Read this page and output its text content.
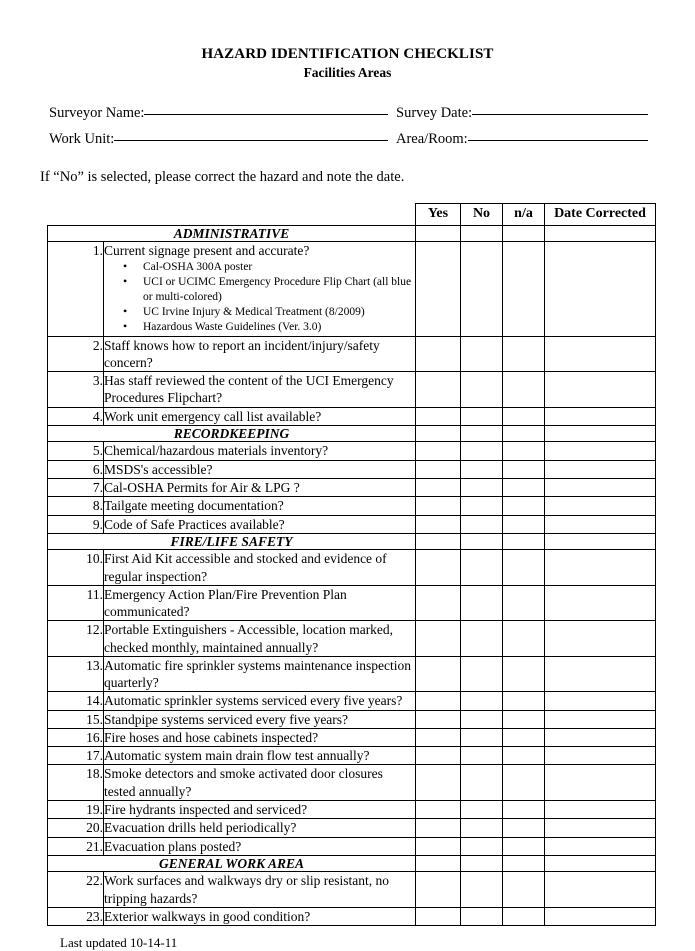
HAZARD IDENTIFICATION CHECKLIST
Facilities Areas
Surveyor Name:	Survey Date:
Work Unit:	Area/Room:
If “No” is selected, please correct the hazard and note the date.
		Yes	No	n/a	Date Corrected
ADMINISTRATIVE					
1.	Current signage present and accurate?
• Cal-OSHA 300A poster
• UCI or UCIMC Emergency Procedure Flip Chart (all blue or multi-colored)
• UC Irvine Injury & Medical Treatment (8/2009)
• Hazardous Waste Guidelines (Ver. 3.0)

2.	Staff knows how to report an incident/injury/safety concern?				

3.	Has staff reviewed the content of the UCI Emergency Procedures Flipchart?				

4.	Work unit emergency call list available?				

RECORDKEEPING					
5.	Chemical/hazardous materials inventory?				

6.	MSDS's accessible?				

7.	Cal-OSHA Permits for Air & LPG ?				

8.	Tailgate meeting documentation?				

9.	Code of Safe Practices available?				

FIRE/LIFE SAFETY					
10.	First Aid Kit accessible and stocked and evidence of regular inspection?				

11.	Emergency Action Plan/Fire Prevention Plan communicated?				

12.	Portable Extinguishers - Accessible, location marked, checked monthly, maintained annually?				

13.	Automatic fire sprinkler systems maintenance inspection quarterly?				

14.	Automatic sprinkler systems serviced every five years?				

15.	Standpipe systems serviced every five years?				

16.	Fire hoses and hose cabinets inspected?				

17.	Automatic system main drain flow test annually?				

18.	Smoke detectors and smoke activated door closures tested annually?				

19.	Fire hydrants inspected and serviced?				

20.	Evacuation drills held periodically?				

21.	Evacuation plans posted?				

GENERAL WORK AREA					
22.	Work surfaces and walkways dry or slip resistant, no tripping hazards?				

23.	Exterior walkways in good condition?				

Last updated 10-14-11
